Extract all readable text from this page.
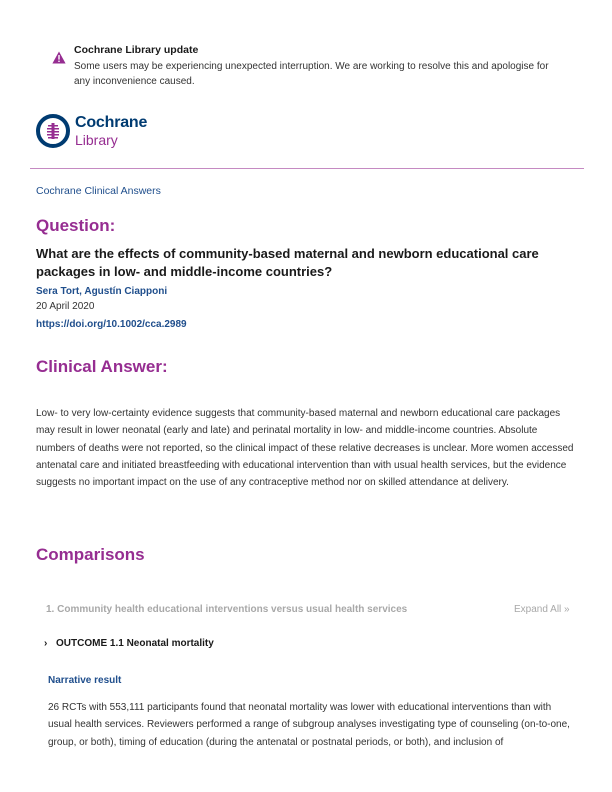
Cochrane Library update
Some users may be experiencing unexpected interruption. We are working to resolve this and apologise for any inconvenience caused.
Cochrane
Library
Cochrane Clinical Answers
Question:
What are the effects of community-based maternal and newborn educational care packages in low- and middle-income countries?
Sera Tort, Agustín Ciapponi
20 April 2020
https://doi.org/10.1002/cca.2989
Clinical Answer:
Low- to very low-certainty evidence suggests that community-based maternal and newborn educational care packages may result in lower neonatal (early and late) and perinatal mortality in low- and middle-income countries. Absolute numbers of deaths were not reported, so the clinical impact of these relative decreases is unclear. More women accessed antenatal care and initiated breastfeeding with educational intervention than with usual health services, but the evidence suggests no important impact on the use of any contraceptive method nor on skilled attendance at delivery.
Comparisons
1. Community health educational interventions versus usual health services	Expand All »
› OUTCOME 1.1 Neonatal mortality
Narrative result
26 RCTs with 553,111 participants found that neonatal mortality was lower with educational interventions than with usual health services. Reviewers performed a range of subgroup analyses investigating type of counseling (on-to-one, group, or both), timing of education (during the antenatal or postnatal periods, or both), and inclusion of
